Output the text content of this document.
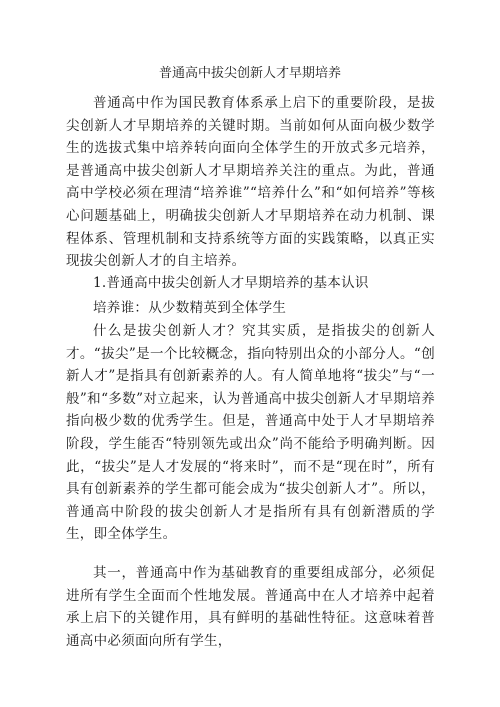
普通高中拔尖创新人才早期培养

普通高中作为国民教育体系承上启下的重要阶段，是拔尖创新人才早期培养的关键时期。当前如何从面向极少数学生的选拔式集中培养转向面向全体学生的开放式多元培养，是普通高中拔尖创新人才早期培养关注的重点。为此，普通高中学校必须在理清“培养谁”“培养什么”和“如何培养”等核心问题基础上，明确拔尖创新人才早期培养在动力机制、课程体系、管理机制和支持系统等方面的实践策略，以真正实现拔尖创新人才的自主培养。

1.普通高中拔尖创新人才早期培养的基本认识

培养谁：从少数精英到全体学生

什么是拔尖创新人才？究其实质，是指拔尖的创新人才。“拔尖”是一个比较概念，指向特别出众的小部分人。“创新人才”是指具有创新素养的人。有人简单地将“拔尖”与“一般”和“多数”对立起来，认为普通高中拔尖创新人才早期培养指向极少数的优秀学生。但是，普通高中处于人才早期培养阶段，学生能否“特别领先或出众”尚不能给予明确判断。因此，“拔尖”是人才发展的“将来时”，而不是“现在时”，所有具有创新素养的学生都可能会成为“拔尖创新人才”。所以，普通高中阶段的拔尖创新人才是指所有具有创新潜质的学生，即全体学生。

其一，普通高中作为基础教育的重要组成部分，必须促进所有学生全面而个性地发展。普通高中在人才培养中起着承上启下的关键作用，具有鲜明的基础性特征。这意味着普通高中必须面向所有学生，
